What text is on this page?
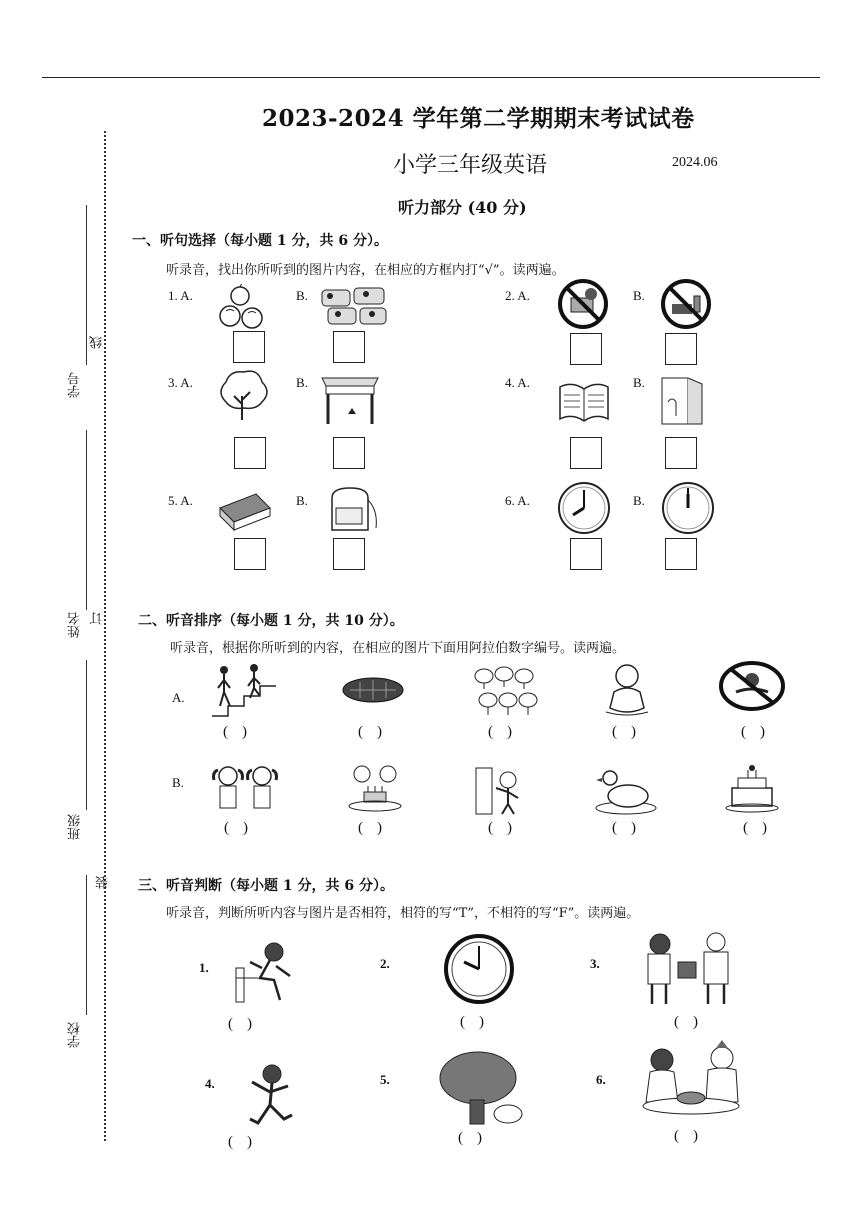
学号
姓名
班级
学校
线
订
装
2023-2024 学年第二学期期末考试试卷
小学三年级英语	2024.06
听力部分 (40 分)
一、听句选择（每小题 1 分，共 6 分）。
听录音，找出你所听到的图片内容，在相应的方框内打“√”。读两遍。
1. A.	B.	2. A.	B.
3. A.	B.	4. A.	B.
5. A.	B.	6. A.	B.
二、听音排序（每小题 1 分，共 10 分）。
听录音，根据你所听到的内容，在相应的图片下面用阿拉伯数字编号。读两遍。
A.
B.
()	()	()	()	()
()	()	()	()	()
三、听音判断（每小题 1 分，共 6 分）。
听录音，判断所听内容与图片是否相符，相符的写“T”，不相符的写“F”。读两遍。
1.
()
2.
()
3.
()
4.
()
5.
()
6.
()
